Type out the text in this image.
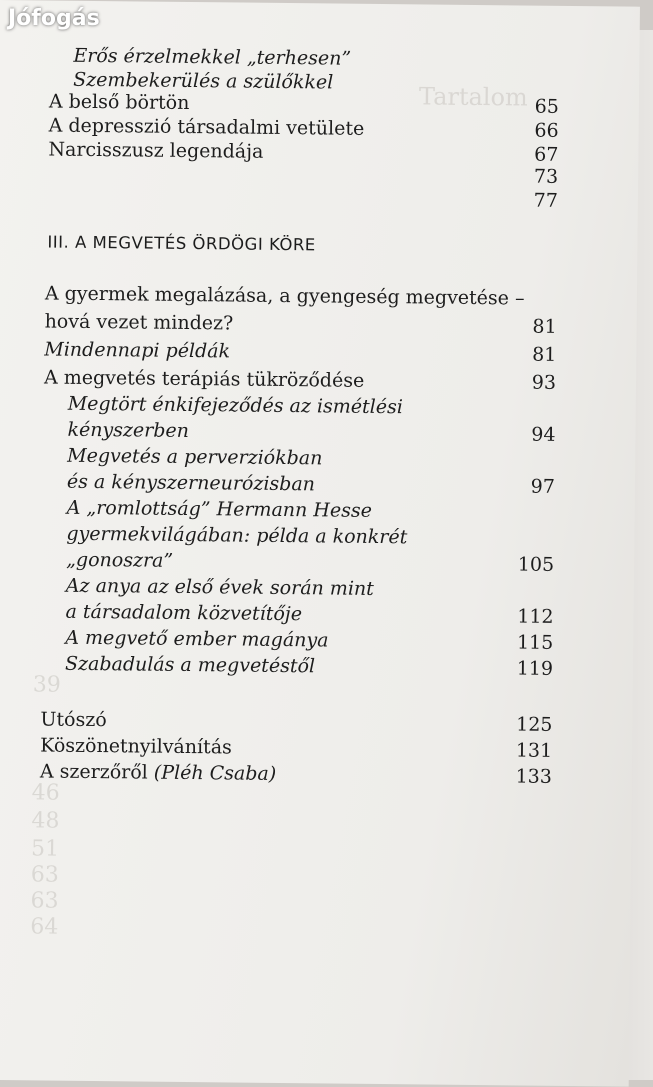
Tartalom
39
46
48
51
63
63
64
Erős érzelmekkel „terhesen”
Szembekerülés a szülőkkel
A belső börtön	65
A depresszió társadalmi vetülete	66
Narcisszusz legendája	67
73
77
III. A MEGVETÉS ÖRDÖGI KÖRE
A gyermek megalázása, a gyengeség megvetése –
hová vezet mindez?	81
Mindennapi példák	81
A megvetés terápiás tükröződése	93
Megtört énkifejeződés az ismétlési
kényszerben	94
Megvetés a perverziókban
és a kényszerneurózisban	97
A „romlottság” Hermann Hesse
gyermekvilágában: példa a konkrét
„gonoszra”	105
Az anya az első évek során mint
a társadalom közvetítője	112
A megvető ember magánya	115
Szabadulás a megvetéstől	119
Utószó	125
Köszönetnyilvánítás	131
A szerzőről (Pléh Csaba)	133
Jófogás
